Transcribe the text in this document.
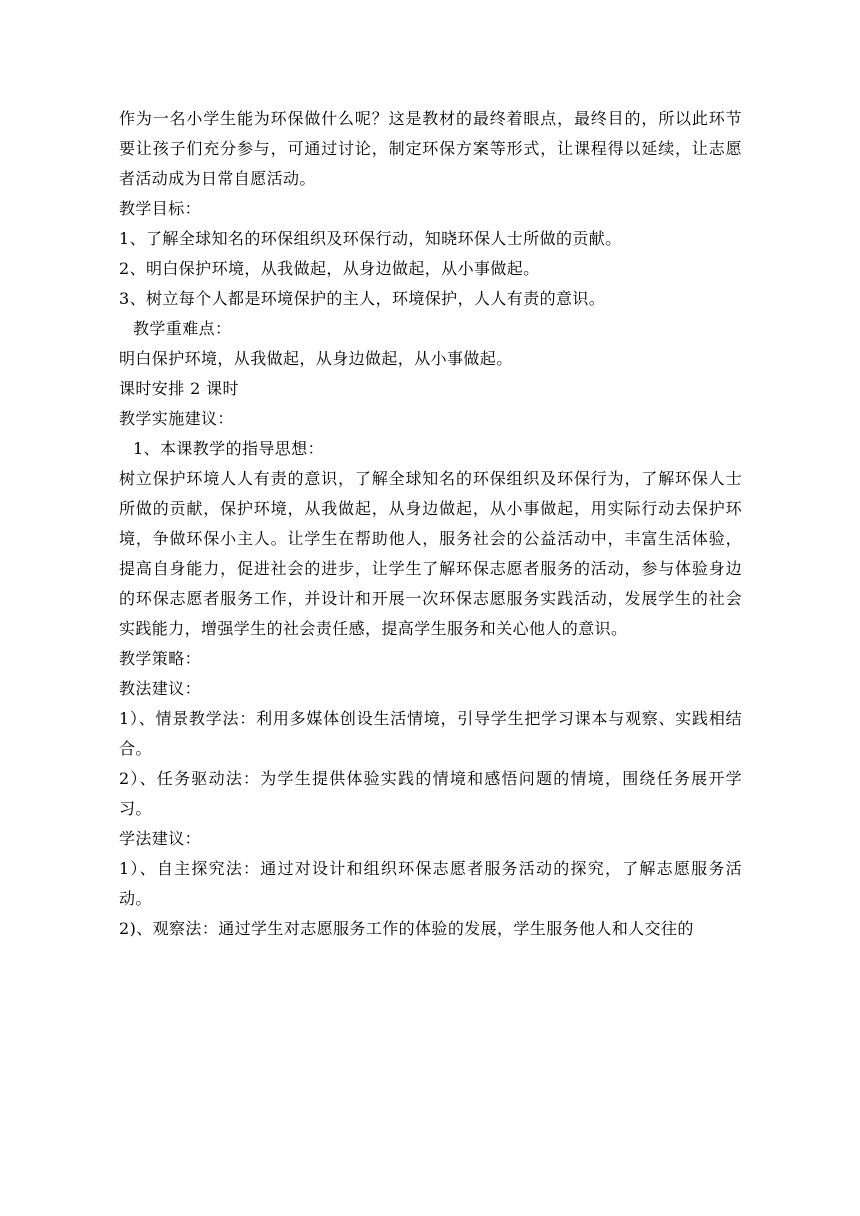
作为一名小学生能为环保做什么呢？这是教材的最终着眼点，最终目的，所以此环节要让孩子们充分参与，可通过讨论，制定环保方案等形式，让课程得以延续，让志愿者活动成为日常自愿活动。

教学目标：

1、了解全球知名的环保组织及环保行动，知晓环保人士所做的贡献。

2、明白保护环境，从我做起，从身边做起，从小事做起。

3、树立每个人都是环境保护的主人，环境保护，人人有责的意识。

教学重难点：

明白保护环境，从我做起，从身边做起，从小事做起。

课时安排 2 课时

教学实施建议：

1、本课教学的指导思想：

树立保护环境人人有责的意识，了解全球知名的环保组织及环保行为，了解环保人士所做的贡献，保护环境，从我做起，从身边做起，从小事做起，用实际行动去保护环境，争做环保小主人。让学生在帮助他人，服务社会的公益活动中，丰富生活体验，提高自身能力，促进社会的进步，让学生了解环保志愿者服务的活动，参与体验身边的环保志愿者服务工作，并设计和开展一次环保志愿服务实践活动，发展学生的社会实践能力，增强学生的社会责任感，提高学生服务和关心他人的意识。

教学策略：

教法建议：

1）、情景教学法：利用多媒体创设生活情境，引导学生把学习课本与观察、实践相结合。

2）、任务驱动法：为学生提供体验实践的情境和感悟问题的情境，围绕任务展开学习。

学法建议：

1）、自主探究法：通过对设计和组织环保志愿者服务活动的探究，了解志愿服务活动。

2)、观察法：通过学生对志愿服务工作的体验的发展，学生服务他人和人交往的
